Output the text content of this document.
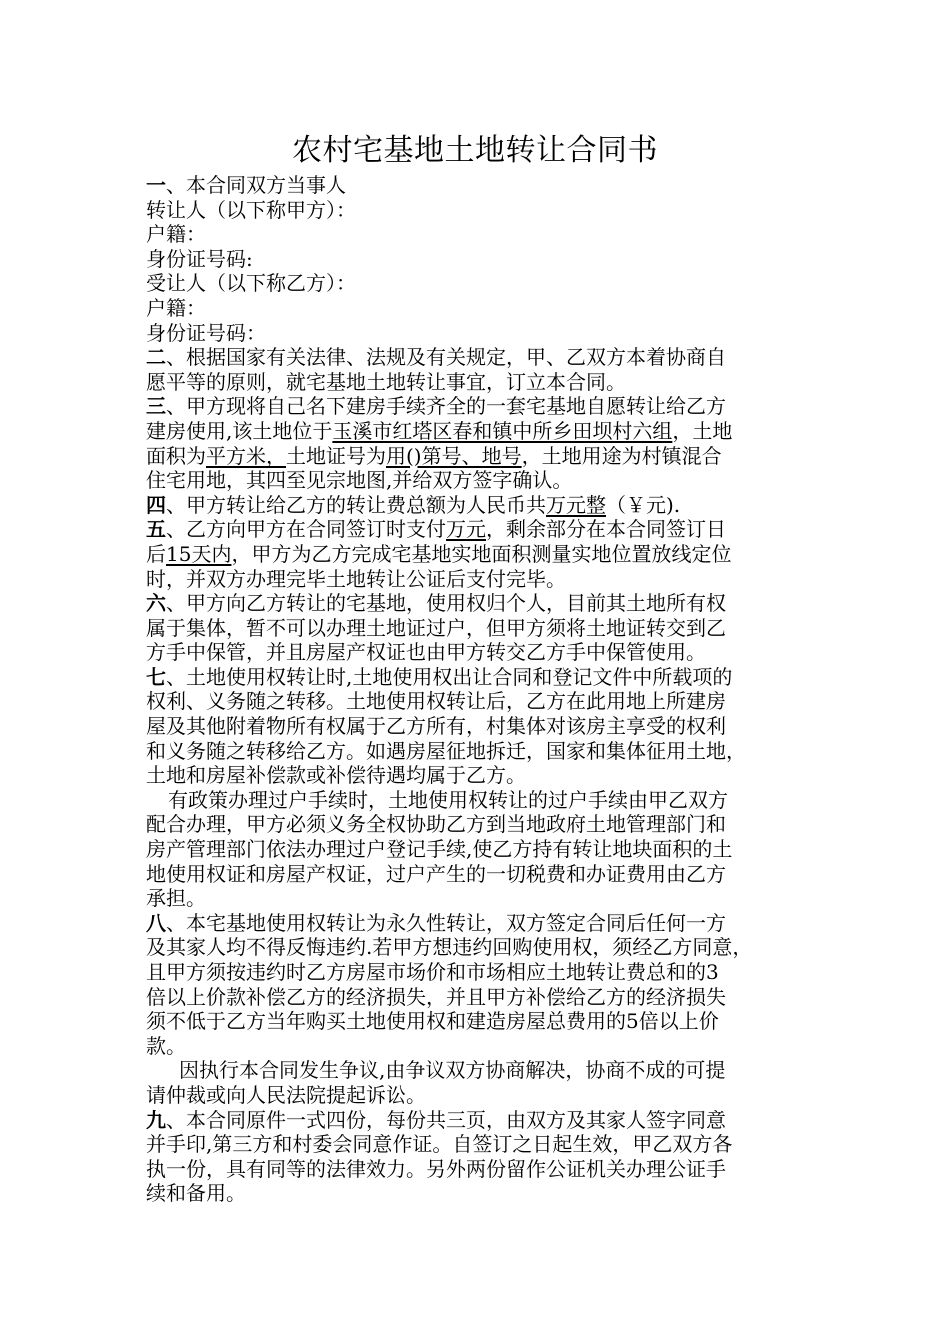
农村宅基地土地转让合同书

一、本合同双方当事人

转让人（以下称甲方）：

户籍：

身份证号码:

受让人（以下称乙方）：

户籍：

身份证号码：

二、根据国家有关法律、法规及有关规定，甲、乙双方本着协商自

愿平等的原则，就宅基地土地转让事宜，订立本合同。

三、甲方现将自己名下建房手续齐全的一套宅基地自愿转让给乙方

建房使用,该土地位于玉溪市红塔区春和镇中所乡田坝村六组，土地

面积为平方米，土地证号为用()第号、地号，土地用途为村镇混合

住宅用地，其四至见宗地图,并给双方签字确认。

四、甲方转让给乙方的转让费总额为人民币共万元整（￥元).

五、乙方向甲方在合同签订时支付万元，剩余部分在本合同签订日

后15天内，甲方为乙方完成宅基地实地面积测量实地位置放线定位

时，并双方办理完毕土地转让公证后支付完毕。

六、甲方向乙方转让的宅基地，使用权归个人，目前其土地所有权

属于集体，暂不可以办理土地证过户，但甲方须将土地证转交到乙

方手中保管，并且房屋产权证也由甲方转交乙方手中保管使用。

七、土地使用权转让时,土地使用权出让合同和登记文件中所载项的

权利、义务随之转移。土地使用权转让后，乙方在此用地上所建房

屋及其他附着物所有权属于乙方所有，村集体对该房主享受的权利

和义务随之转移给乙方。如遇房屋征地拆迁，国家和集体征用土地，

土地和房屋补偿款或补偿待遇均属于乙方。

有政策办理过户手续时，土地使用权转让的过户手续由甲乙双方

配合办理，甲方必须义务全权协助乙方到当地政府土地管理部门和

房产管理部门依法办理过户登记手续,使乙方持有转让地块面积的土

地使用权证和房屋产权证，过户产生的一切税费和办证费用由乙方

承担。

八、本宅基地使用权转让为永久性转让，双方签定合同后任何一方

及其家人均不得反悔违约.若甲方想违约回购使用权，须经乙方同意，

且甲方须按违约时乙方房屋市场价和市场相应土地转让费总和的3

倍以上价款补偿乙方的经济损失，并且甲方补偿给乙方的经济损失

须不低于乙方当年购买土地使用权和建造房屋总费用的5倍以上价

款。

因执行本合同发生争议,由争议双方协商解决，协商不成的可提

请仲裁或向人民法院提起诉讼。

九、本合同原件一式四份，每份共三页，由双方及其家人签字同意

并手印,第三方和村委会同意作证。自签订之日起生效，甲乙双方各

执一份，具有同等的法律效力。另外两份留作公证机关办理公证手

续和备用。
